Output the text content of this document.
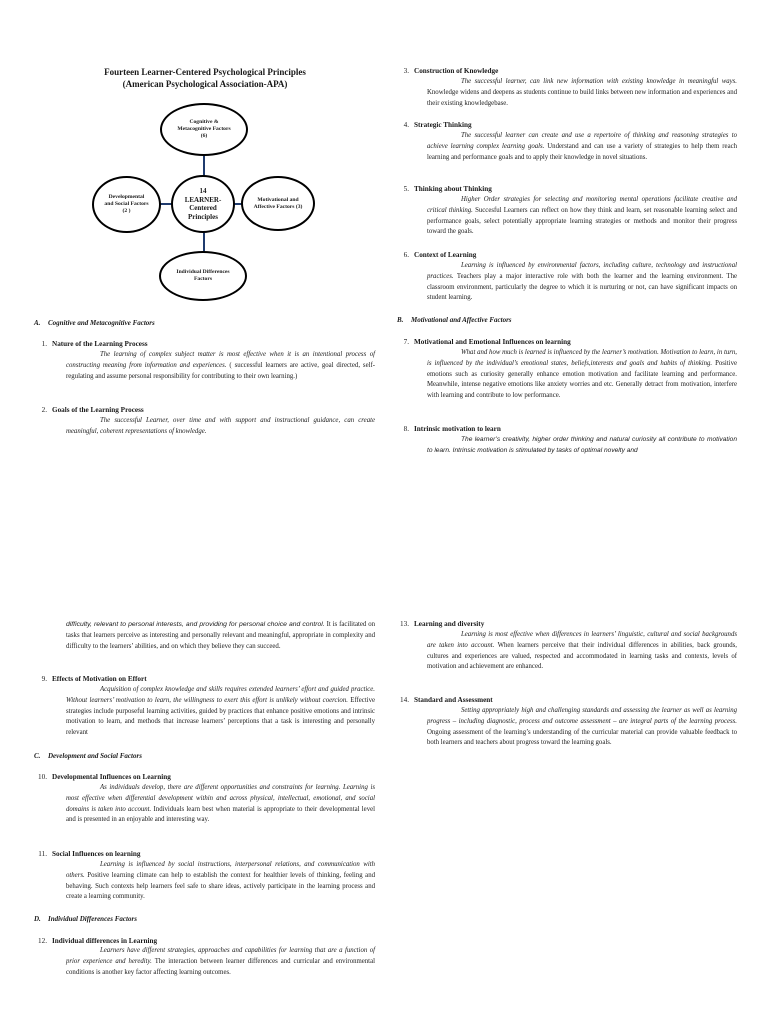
Fourteen Learner-Centered Psychological Principles
(American Psychological Association-APA)
Cognitive & Metacognitive Factors (6)
Developmental and Social Factors (2 )
14
LEARNER-Centered Principles
Motivational and Affective Factors (3)
Individual Differences Factors
A. Cognitive and Metacognitive Factors
1. Nature of the Learning Process
The learning of complex subject matter is most effective when it is an intentional process of constructing meaning from information and experiences. ( successful learners are active, goal directed, self-regulating and assume personal responsibility for contributing to their own learning.)
2. Goals of the Learning Process
The successful Learner, over time and with support and instructional guidance, can create meaningful, coherent representations of knowledge.
3. Construction of Knowledge
The successful learner, can link new information with existing knowledge in meaningful ways. Knowledge widens and deepens as students continue to build links between new information and experiences and their existing knowledgebase.
4. Strategic Thinking
The successful learner can create and use a repertoire of thinking and reasoning strategies to achieve learning complex learning goals. Understand and can use a variety of strategies to help them reach learning and performance goals and to apply their knowledge in novel situations.
5. Thinking about Thinking
Higher Order strategies for selecting and monitoring mental operations facilitate creative and critical thinking. Succesful Learners can reflect on how they think and learn, set reasonable learning select and performance goals, select potentially appropriate learning strategies or methods and monitor their progress toward the goals.
6. Context of Learning
Learning is influenced by environmental factors, including culture, technology and instructional practices. Teachers play a major interactive role with both the learner and the learning environment. The classroom environment, particularly the degree to which it is nurturing or not, can have significant impacts on student learning.
B. Motivational and Affective Factors
7. Motivational and Emotional Influences on learning
What and how much is learned is influenced by the learner’s motivation. Motivation to learn, in turn, is influenced by the individual’s emotional states, beliefs,interests and goals and habits of thinking. Positive emotions such as curiosity generally enhance emotion motivation and facilitate learning and performance. Meanwhile, intense negative emotions like anxiety worries and etc. Generally detract from motivation, interfere with learning and contribute to low performance.
8. Intrinsic motivation to learn
The learner’s creativity, higher order thinking and natural curiosity all contribute to motivation to learn. Intrinsic motivation is stimulated by tasks of optimal novelty and
difficulty, relevant to personal interests, and providing for personal choice and control. It is facilitated on tasks that learners perceive as interesting and personally relevant and meaningful, appropriate in complexity and difficulty to the learners’ abilities, and on which they believe they can succeed.
9. Effects of Motivation on Effort
Acquisition of complex knowledge and skills requires extended learners’ effort and guided practice. Without learners’ motivation to learn, the willingness to exert this effort is unlikely without coercion. Effective strategies include purposeful learning activities, guided by practices that enhance positive emotions and intrinsic motivation to learn, and methods that increase learners’ perceptions that a task is interesting and personally relevant
C. Development and Social Factors
10. Developmental Influences on Learning
As individuals develop, there are different opportunities and constraints for learning. Learning is most effective when differential development within and across physical, intellectual, emotional, and social domains is taken into account. Individuals learn best when material is appropriate to their developmental level and is presented in an enjoyable and interesting way.
11. Social Influences on learning
Learning is influenced by social instructions, interpersonal relations, and communication with others. Positive learning climate can help to establish the context for healthier levels of thinking, feeling and behaving. Such contexts help learners feel safe to share ideas, actively participate in the learning process and create a learning community.
D. Individual Differences Factors
12. Individual differences in Learning
Learners have different strategies, approaches and capabilities for learning that are a function of prior experience and heredity. The interaction between learner differences and curricular and environmental conditions is another key factor affecting learning outcomes.
13. Learning and diversity
Learning is most effective when differences in learners’ linguistic, cultural and social backgrounds are taken into account. When learners perceive that their individual differences in abilities, back grounds, cultures and experiences are valued, respected and accommodated in learning tasks and contexts, levels of motivation and achievement are enhanced.
14. Standard and Assessment
Setting appropriately high and challenging standards and assessing the learner as well as learning progress – including diagnostic, process and outcome assessment – are integral parts of the learning process. Ongoing assessment of the learning’s understanding of the curricular material can provide valuable feedback to both learners and teachers about progress toward the learning goals.
